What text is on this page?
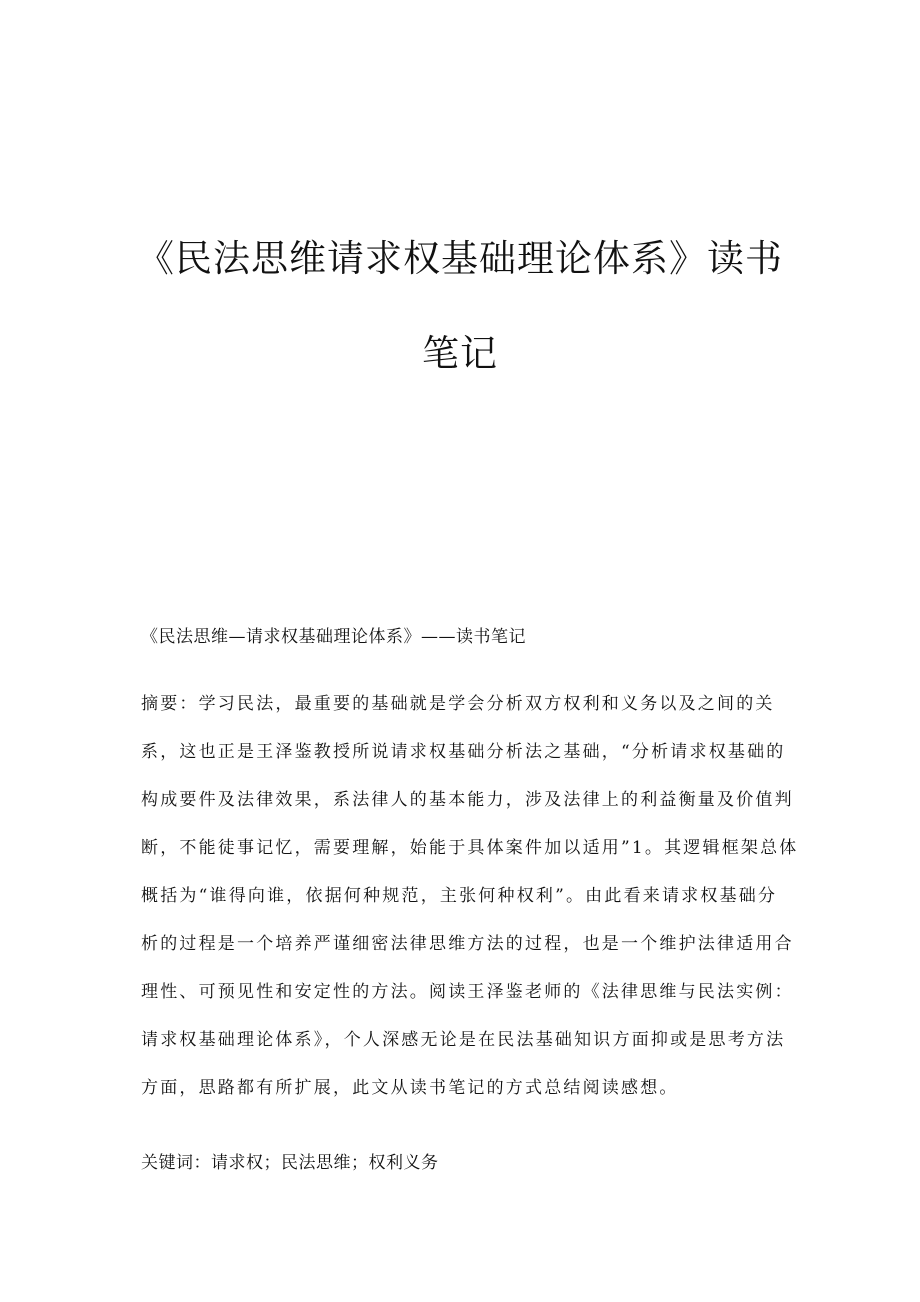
《民法思维请求权基础理论体系》读书
笔记
《民法思维—请求权基础理论体系》——读书笔记
摘要：学习民法，最重要的基础就是学会分析双方权利和义务以及之间的关
系，这也正是王泽鉴教授所说请求权基础分析法之基础，“分析请求权基础的
构成要件及法律效果，系法律人的基本能力，涉及法律上的利益衡量及价值判
断，不能徒事记忆，需要理解，始能于具体案件加以适用”1。其逻辑框架总体
概括为“谁得向谁，依据何种规范，主张何种权利”。由此看来请求权基础分
析的过程是一个培养严谨细密法律思维方法的过程，也是一个维护法律适用合
理性、可预见性和安定性的方法。阅读王泽鉴老师的《法律思维与民法实例：
请求权基础理论体系》，个人深感无论是在民法基础知识方面抑或是思考方法
方面，思路都有所扩展，此文从读书笔记的方式总结阅读感想。
关键词：请求权；民法思维；权利义务
